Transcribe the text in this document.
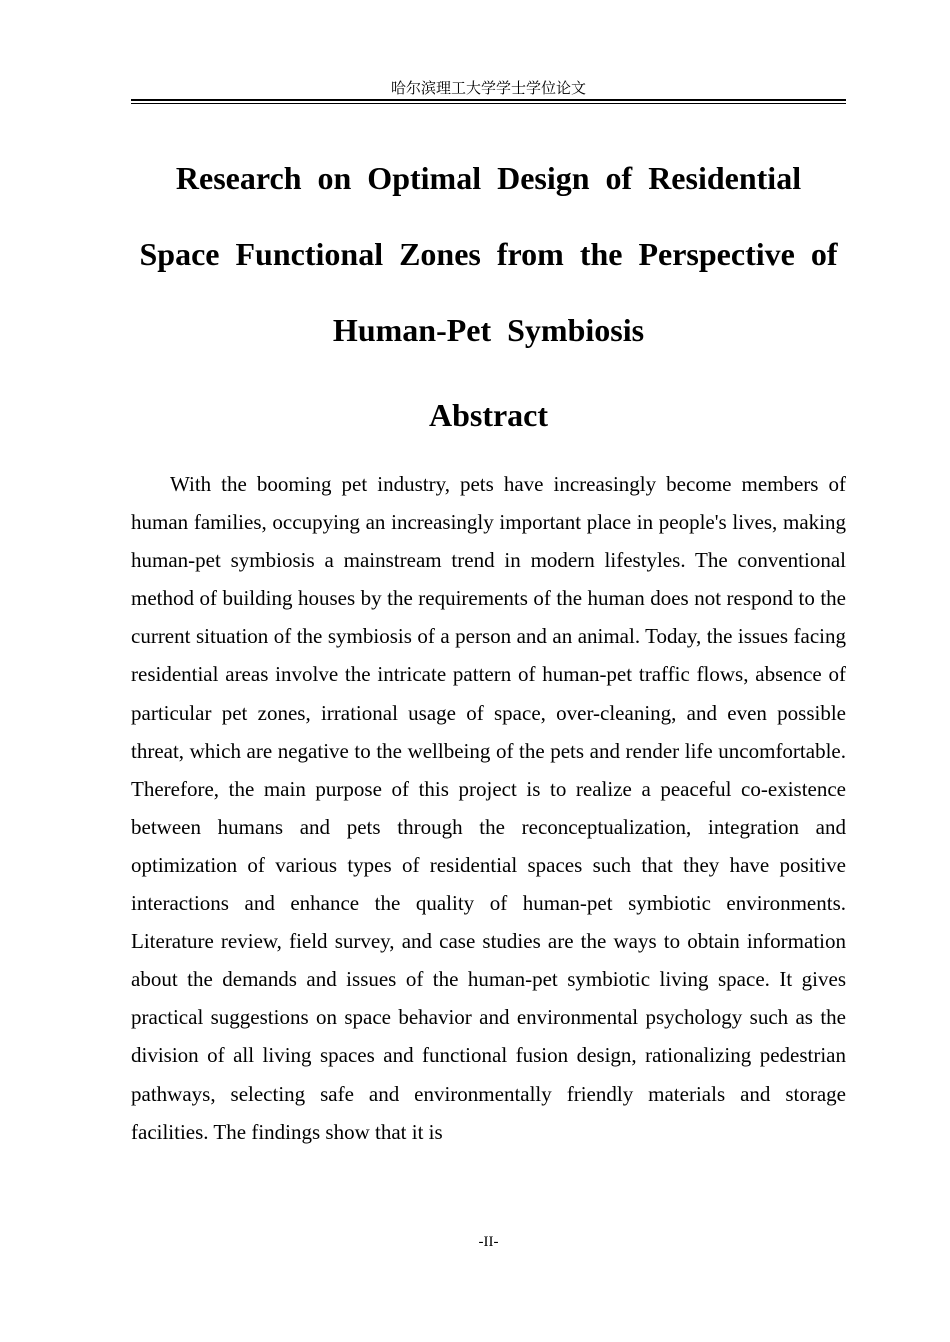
哈尔滨理工大学学士学位论文
Research on Optimal Design of Residential Space Functional Zones from the Perspective of Human-Pet Symbiosis
Abstract

With the booming pet industry, pets have increasingly become members of human families, occupying an increasingly important place in people's lives, making human-pet symbiosis a mainstream trend in modern lifestyles. The conventional method of building houses by the requirements of the human does not respond to the current situation of the symbiosis of a person and an animal. Today, the issues facing residential areas involve the intricate pattern of human-pet traffic flows, absence of particular pet zones, irrational usage of space, over-cleaning, and even possible threat, which are negative to the wellbeing of the pets and render life uncomfortable. Therefore, the main purpose of this project is to realize a peaceful co-existence between humans and pets through the reconceptualization, integration and optimization of various types of residential spaces such that they have positive interactions and enhance the quality of human-pet symbiotic environments. Literature review, field survey, and case studies are the ways to obtain information about the demands and issues of the human-pet symbiotic living space. It gives practical suggestions on space behavior and environmental psychology such as the division of all living spaces and functional fusion design, rationalizing pedestrian pathways, selecting safe and environmentally friendly materials and storage facilities. The findings show that it is

-II-
